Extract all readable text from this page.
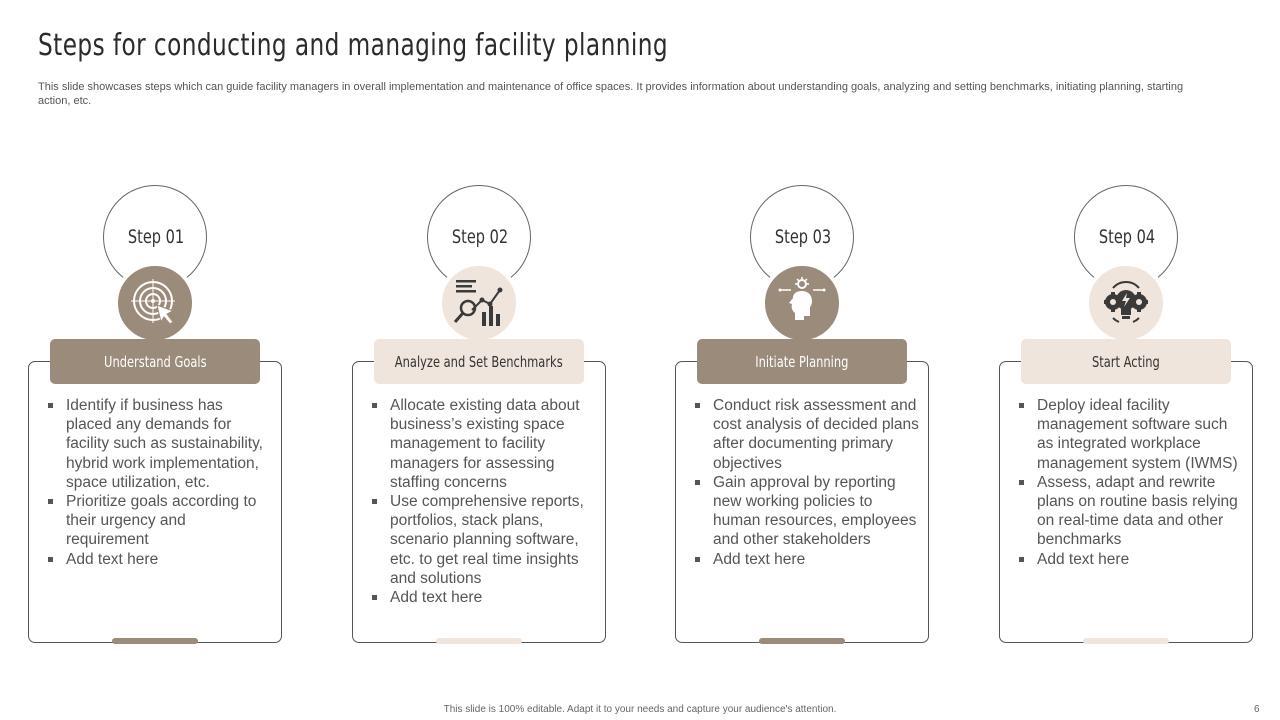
Steps for conducting and managing facility planning
This slide showcases steps which can guide facility managers in overall implementation and maintenance of office spaces. It provides information about understanding goals, analyzing and setting benchmarks, initiating planning, starting action, etc.
Step 01
Understand Goals
Identify if business has placed any demands for facility such as sustainability, hybrid work implementation, space utilization, etc.
Prioritize goals according to their urgency and requirement
Add text here
Step 02
Analyze and Set Benchmarks
Allocate existing data about business’s existing space management to facility managers for assessing staffing concerns
Use comprehensive reports, portfolios, stack plans, scenario planning software, etc. to get real time insights and solutions
Add text here
Step 03
Initiate Planning
Conduct risk assessment and cost analysis of decided plans after documenting primary objectives
Gain approval by reporting new working policies to human resources, employees and other stakeholders
Add text here
Step 04
Start Acting
Deploy ideal facility management software such as integrated workplace management system (IWMS)
Assess, adapt and rewrite plans on routine basis relying on real-time data and other benchmarks
Add text here
This slide is 100% editable. Adapt it to your needs and capture your audience's attention.	6
